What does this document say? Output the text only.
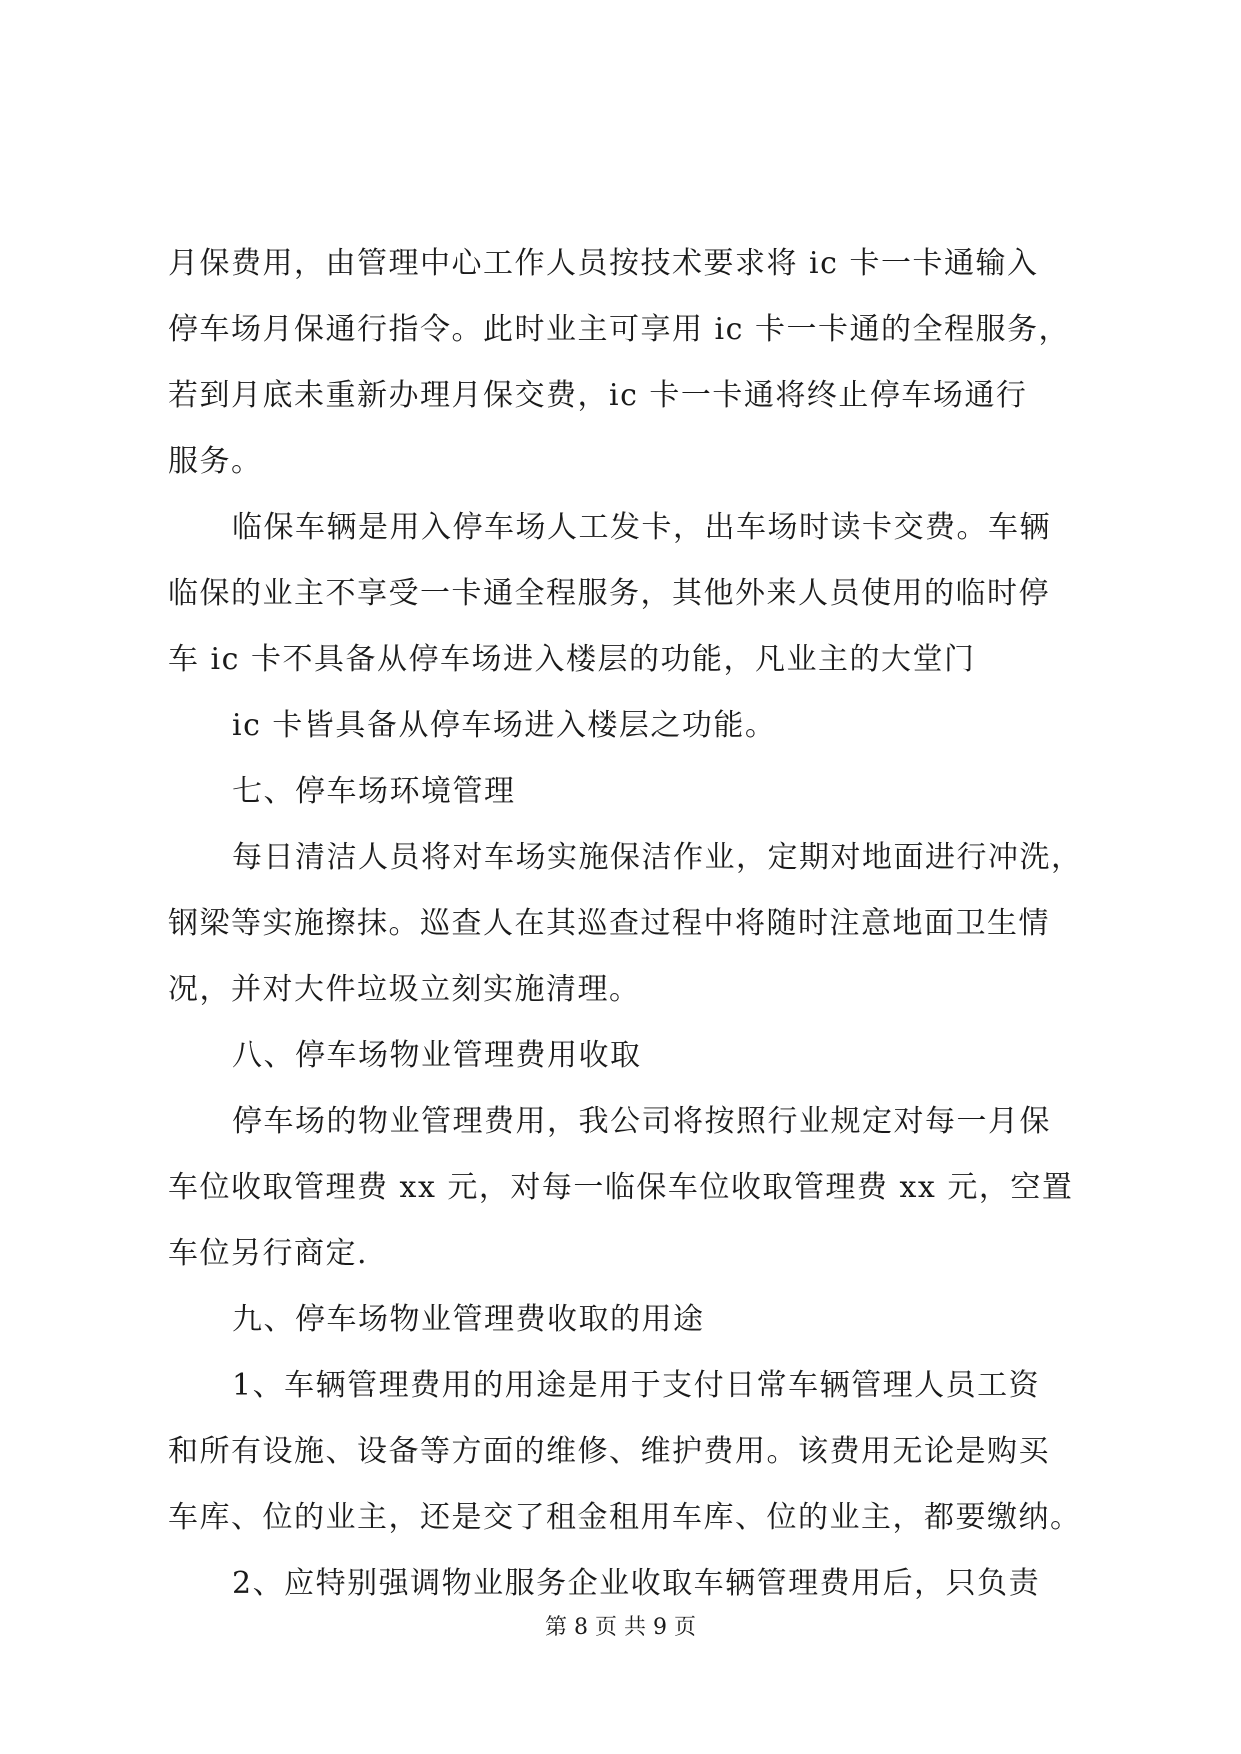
月保费用，由管理中心工作人员按技术要求将 ic 卡一卡通输入
停车场月保通行指令。此时业主可享用 ic 卡一卡通的全程服务，
若到月底未重新办理月保交费，ic 卡一卡通将终止停车场通行
服务。
临保车辆是用入停车场人工发卡，出车场时读卡交费。车辆
临保的业主不享受一卡通全程服务，其他外来人员使用的临时停
车 ic 卡不具备从停车场进入楼层的功能，凡业主的大堂门
ic 卡皆具备从停车场进入楼层之功能。
七、停车场环境管理
每日清洁人员将对车场实施保洁作业，定期对地面进行冲洗，
钢梁等实施擦抹。巡查人在其巡查过程中将随时注意地面卫生情
况，并对大件垃圾立刻实施清理。
八、停车场物业管理费用收取
停车场的物业管理费用，我公司将按照行业规定对每一月保
车位收取管理费 xx 元，对每一临保车位收取管理费 xx 元，空置
车位另行商定.
九、停车场物业管理费收取的用途
1、车辆管理费用的用途是用于支付日常车辆管理人员工资
和所有设施、设备等方面的维修、维护费用。该费用无论是购买
车库、位的业主，还是交了租金租用车库、位的业主，都要缴纳。
2、应特别强调物业服务企业收取车辆管理费用后，只负责
第 8 页 共 9 页
